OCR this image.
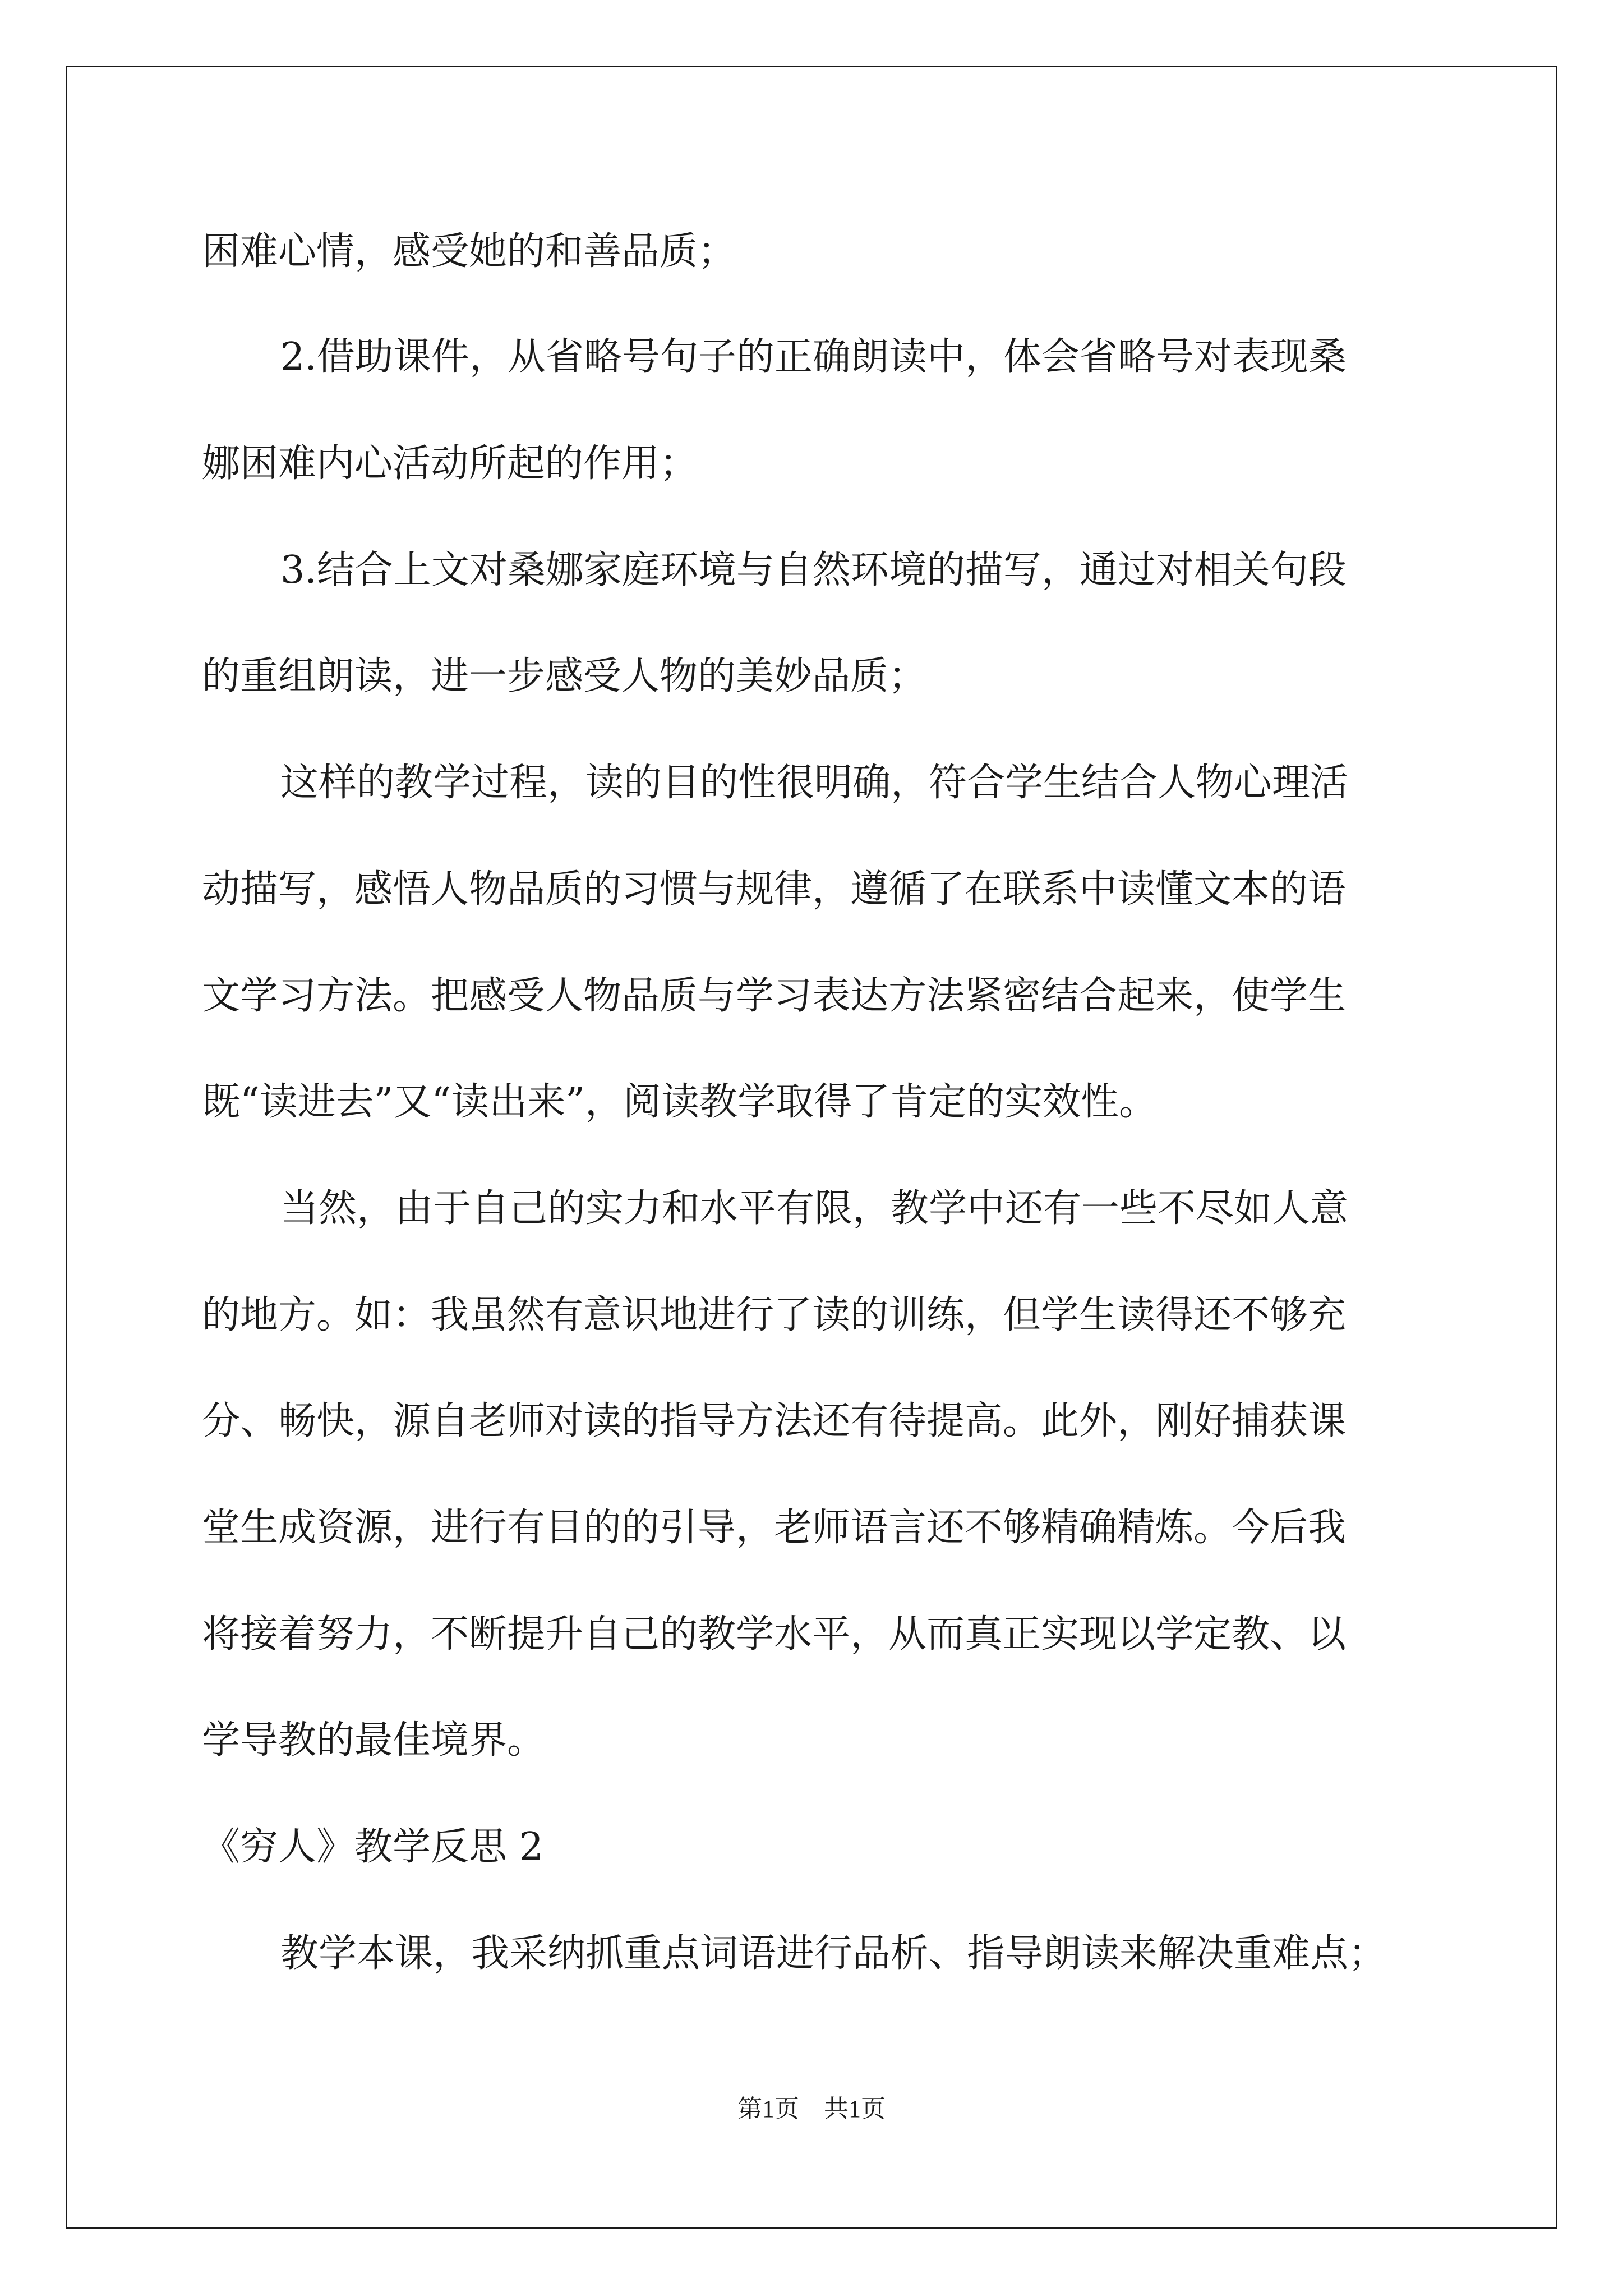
困难心情，感受她的和善品质；

2.借助课件，从省略号句子的正确朗读中，体会省略号对表现桑

娜困难内心活动所起的作用；

3.结合上文对桑娜家庭环境与自然环境的描写，通过对相关句段

的重组朗读，进一步感受人物的美妙品质；

这样的教学过程，读的目的性很明确，符合学生结合人物心理活

动描写，感悟人物品质的习惯与规律，遵循了在联系中读懂文本的语

文学习方法。把感受人物品质与学习表达方法紧密结合起来，使学生

既“读进去”又“读出来”，阅读教学取得了肯定的实效性。

当然，由于自己的实力和水平有限，教学中还有一些不尽如人意

的地方。如：我虽然有意识地进行了读的训练，但学生读得还不够充

分、畅快，源自老师对读的指导方法还有待提高。此外，刚好捕获课

堂生成资源，进行有目的的引导，老师语言还不够精确精炼。今后我

将接着努力，不断提升自己的教学水平，从而真正实现以学定教、以

学导教的最佳境界。

《穷人》教学反思 2

教学本课，我采纳抓重点词语进行品析、指导朗读来解决重难点；

第1页　共1页
